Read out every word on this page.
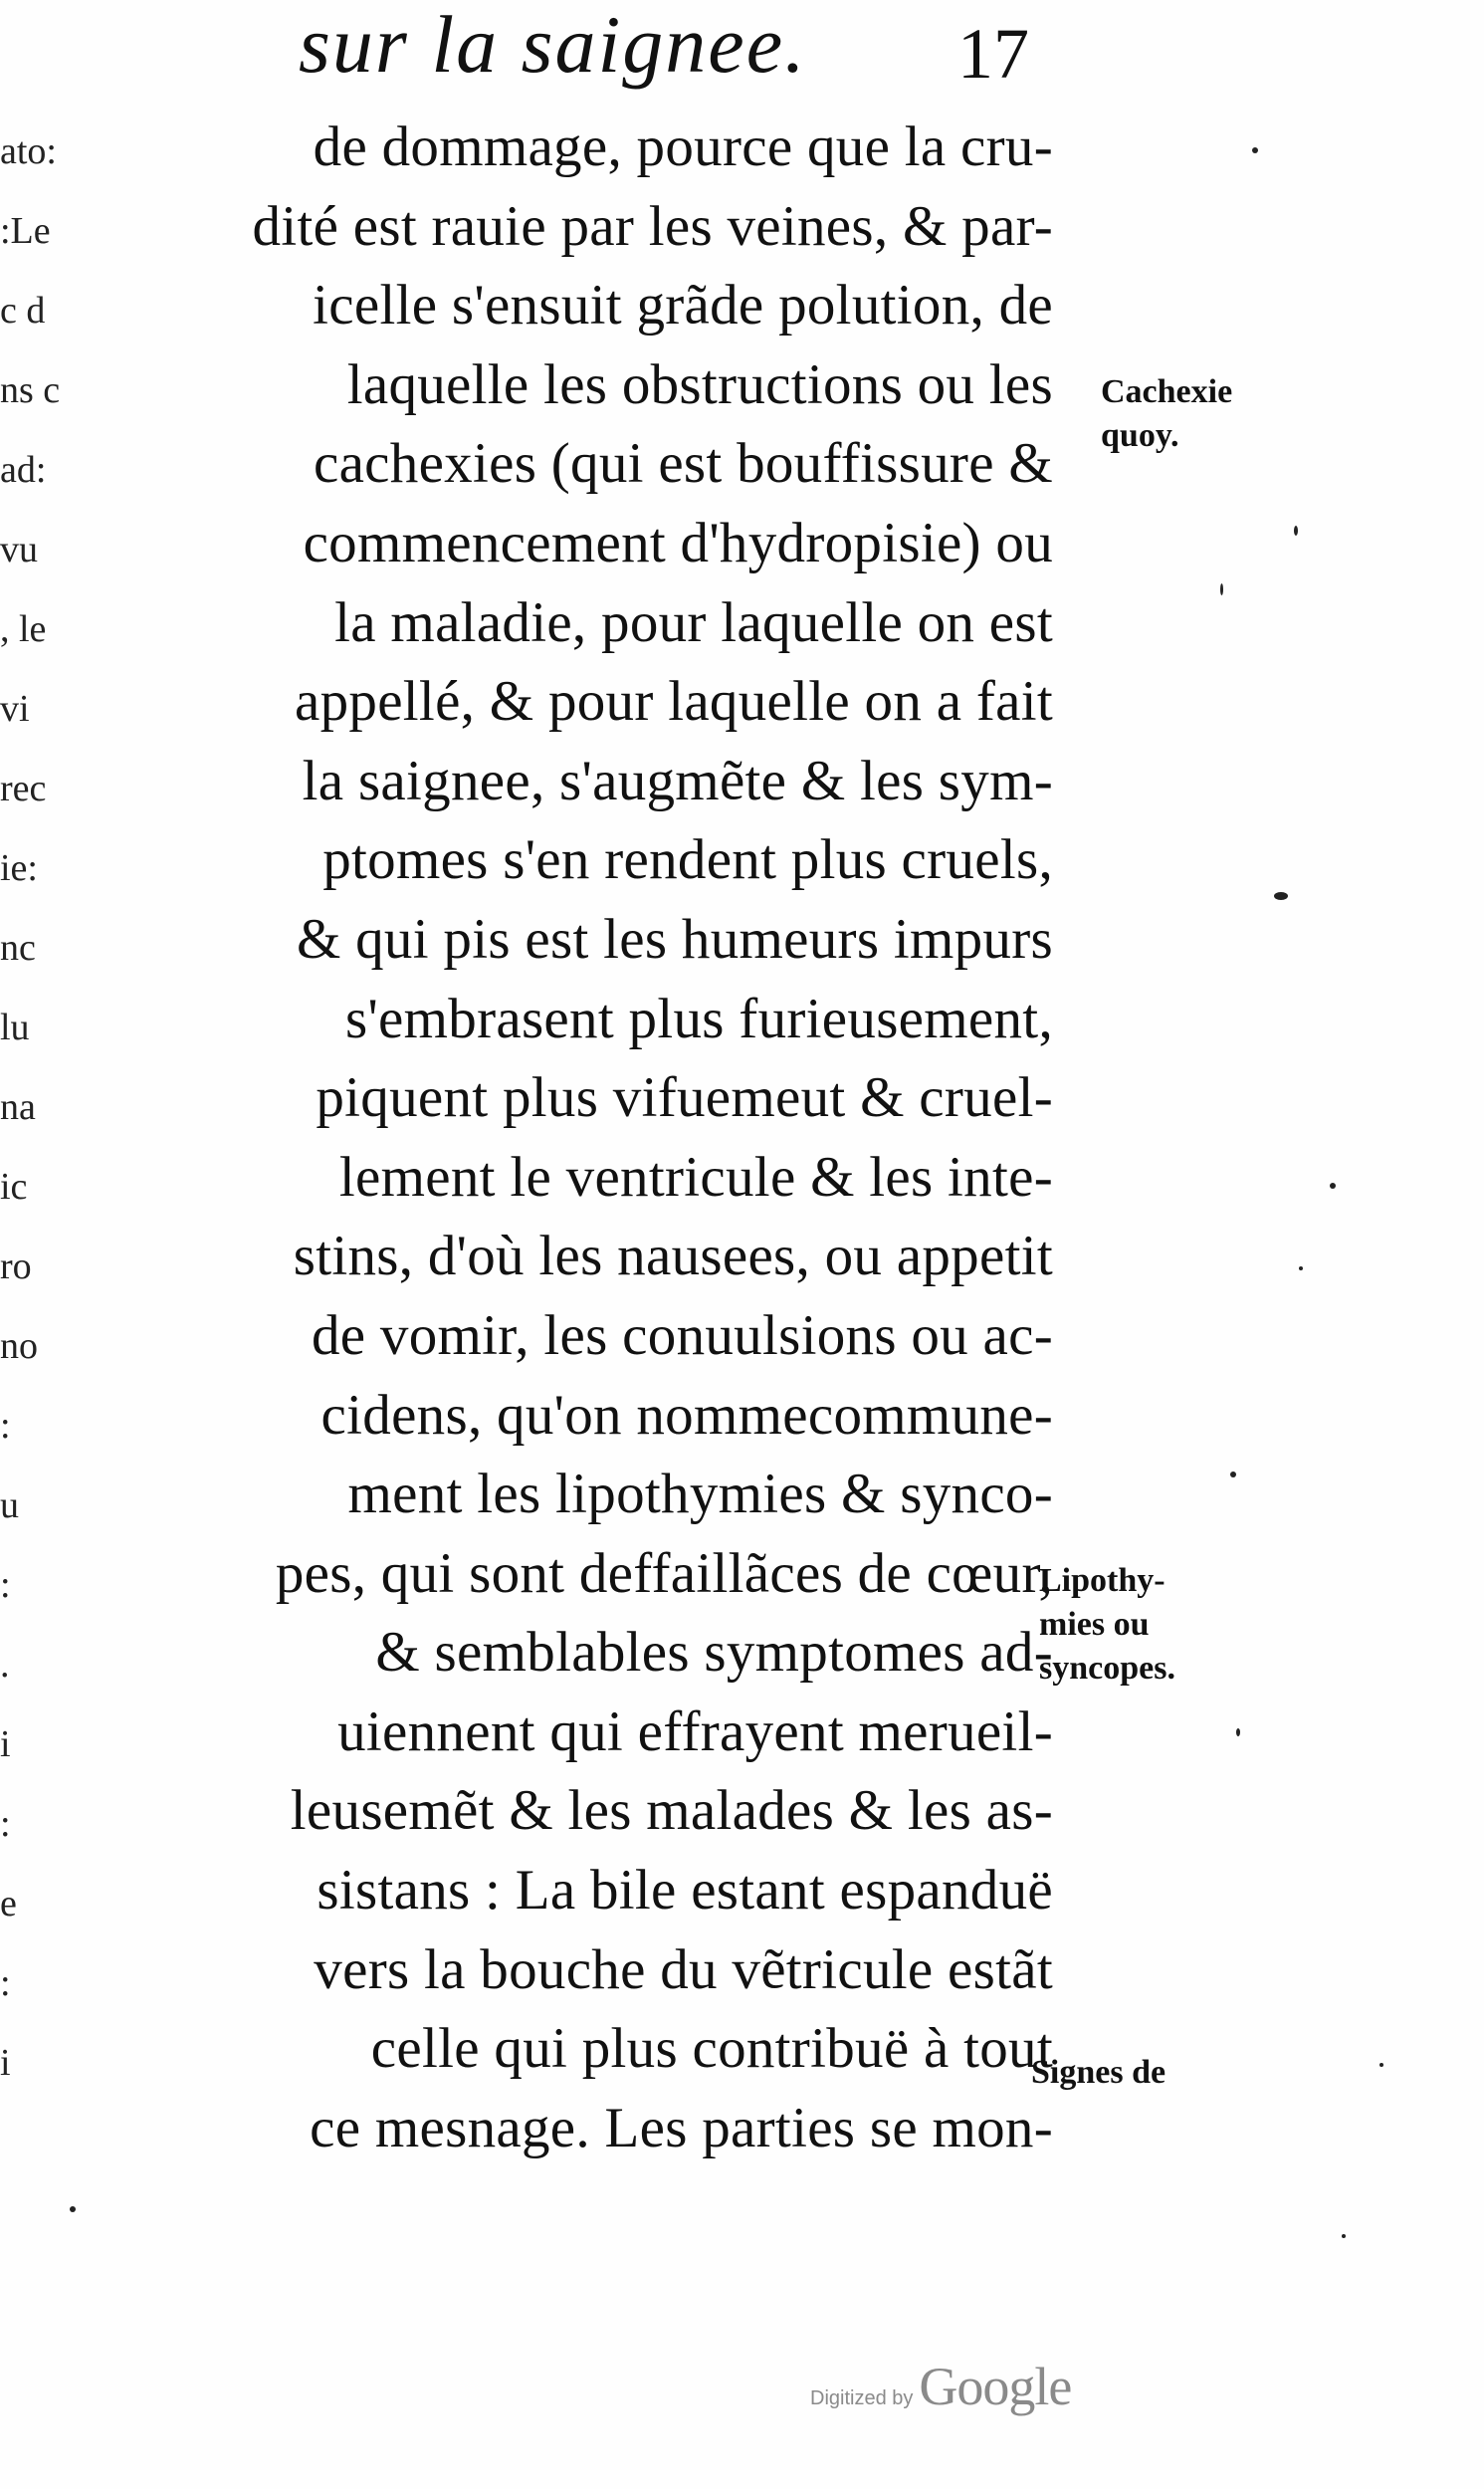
sur la saignee. 17
ato:
:Le
c d
ns c
ad:
vu
, le
vi
rec
ie:
nc
lu
na
ic
ro
no
:
u
:
.
i
:
e
:
i
de dommage, pource que la cru-
dité est rauie par les veines, & par-
icelle s'ensuit grãde polution, de
laquelle les obstructions ou les
cachexies (qui est bouffissure &
commencement d'hydropisie) ou
la maladie, pour laquelle on est
appellé, & pour laquelle on a fait
la saignee, s'augmẽte & les sym-
ptomes s'en rendent plus cruels,
& qui pis est les humeurs impurs
s'embrasent plus furieusement,
piquent plus vifuemeut & cruel-
lement le ventricule & les inte-
stins, d'où les nausees, ou appetit
de vomir, les conuulsions ou ac-
cidens, qu'on nommecommune-
ment les lipothymies & synco-
pes, qui sont deffaillãces de cœur,
& semblables symptomes ad-
uiennent qui effrayent merueil-
leusemẽt & les malades & les as-
sistans : La bile estant espanduë
vers la bouche du vẽtricule estãt
celle qui plus contribuë à tout
ce mesnage. Les parties se mon-
Cachexie
quoy.
Lipothy-
mies ou
syncopes.
Signes de
Digitized by Google
